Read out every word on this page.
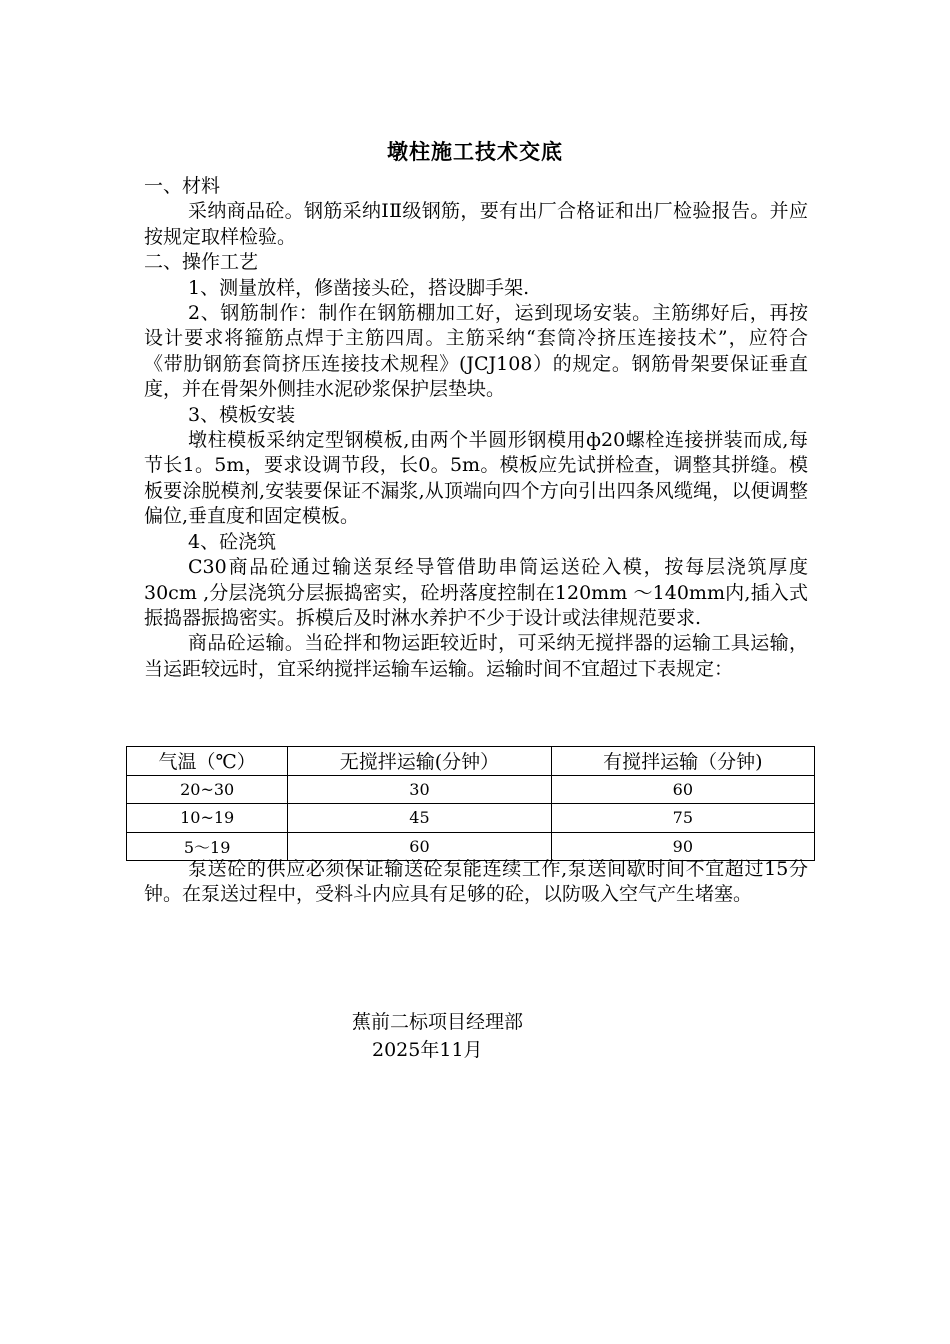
墩柱施工技术交底

一、材料

采纳商品砼。钢筋采纳ⅠⅡ级钢筋，要有出厂合格证和出厂检验报告。并应按规定取样检验。

二、操作工艺

1、测量放样，修凿接头砼，搭设脚手架.

2、钢筋制作：制作在钢筋棚加工好，运到现场安装。主筋绑好后，再按设计要求将箍筋点焊于主筋四周。主筋采纳“套筒冷挤压连接技术”，应符合《带肋钢筋套筒挤压连接技术规程》(JCJ108）的规定。钢筋骨架要保证垂直度，并在骨架外侧挂水泥砂浆保护层垫块。

3、模板安装

墩柱模板采纳定型钢模板,由两个半圆形钢模用ф20螺栓连接拼装而成,每节长1。5m，要求设调节段，长0。5m。模板应先试拼检查，调整其拼缝。模板要涂脱模剂,安装要保证不漏浆,从顶端向四个方向引出四条风缆绳，以便调整偏位,垂直度和固定模板。

4、砼浇筑

C30商品砼通过输送泵经导管借助串筒运送砼入模，按每层浇筑厚度30cm ,分层浇筑分层振捣密实，砼坍落度控制在120mm ～140mm内,插入式振捣器振捣密实。拆模后及时淋水养护不少于设计或法律规范要求.

商品砼运输。当砼拌和物运距较近时，可采纳无搅拌器的运输工具运输，当运距较远时，宜采纳搅拌运输车运输。运输时间不宜超过下表规定：

气温（℃）	无搅拌运输(分钟）	有搅拌运输（分钟)
20~30	30	60
10~19	45	75
5～19	60	90

泵送砼的供应必须保证输送砼泵能连续工作,泵送间歇时间不宜超过15分钟。在泵送过程中，受料斗内应具有足够的砼，以防吸入空气产生堵塞。

蕉前二标项目经理部
2025年11月
